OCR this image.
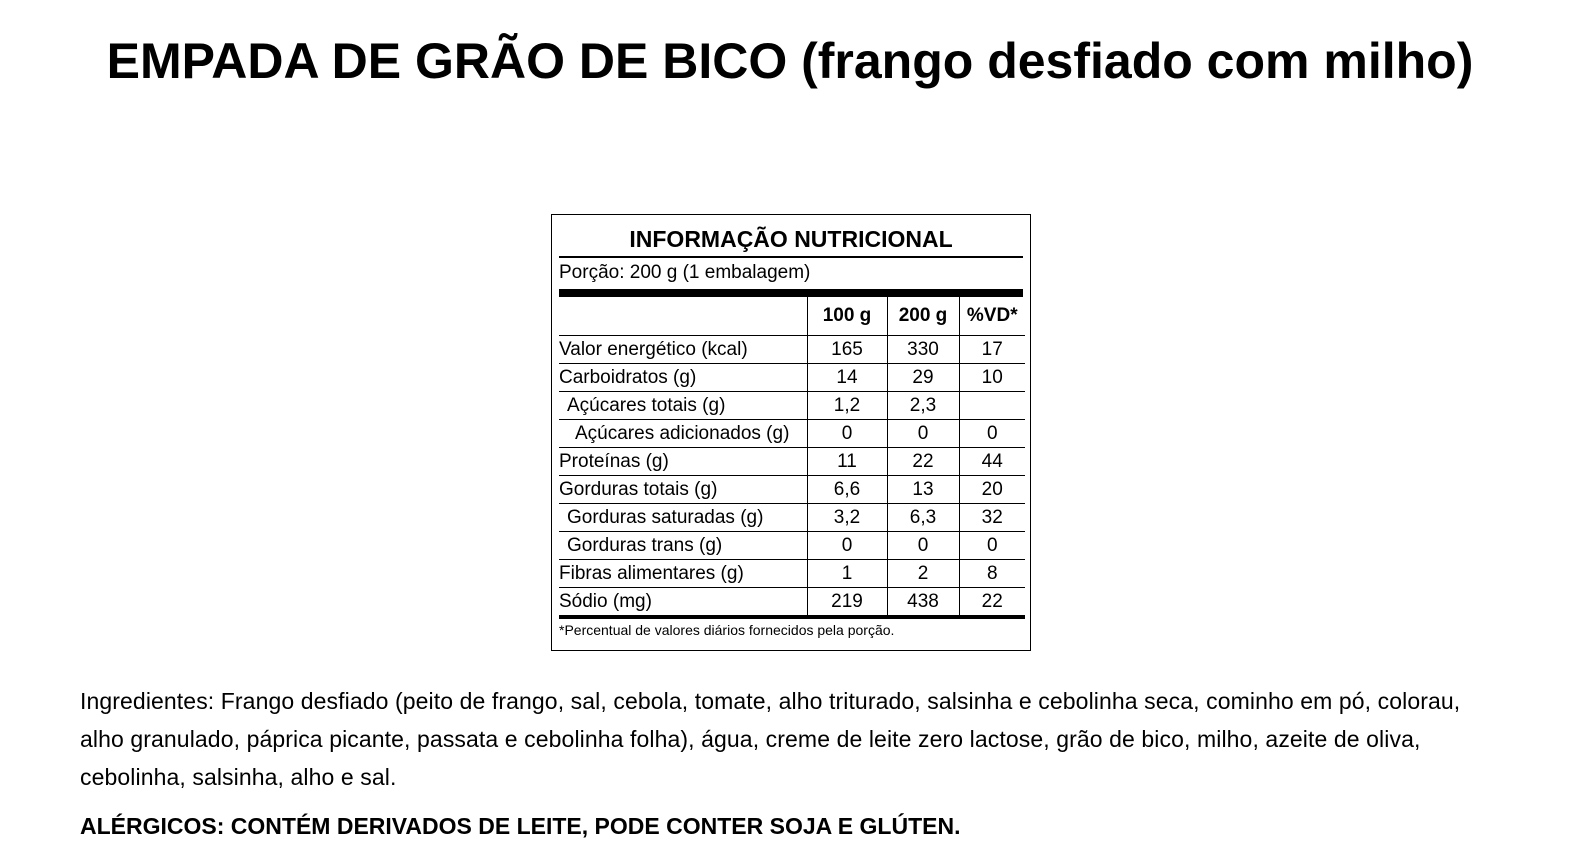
EMPADA DE GRÃO DE BICO (frango desfiado com milho)
INFORMAÇÃO NUTRICIONAL
Porção: 200 g (1 embalagem)
	100 g	200 g	%VD*
Valor energético (kcal)	165	330	17
Carboidratos (g)	14	29	10
Açúcares totais (g)	1,2	2,3	
Açúcares adicionados (g)	0	0	0
Proteínas (g)	11	22	44
Gorduras totais (g)	6,6	13	20
Gorduras saturadas (g)	3,2	6,3	32
Gorduras trans (g)	0	0	0
Fibras alimentares (g)	1	2	8
Sódio (mg)	219	438	22
*Percentual de valores diários fornecidos pela porção.

Ingredientes: Frango desfiado (peito de frango, sal, cebola, tomate, alho triturado, salsinha e cebolinha seca, cominho em pó, colorau, alho granulado, páprica picante, passata e cebolinha folha), água, creme de leite zero lactose, grão de bico, milho, azeite de oliva, cebolinha, salsinha, alho e sal.

ALÉRGICOS: CONTÉM DERIVADOS DE LEITE, PODE CONTER SOJA E GLÚTEN.
